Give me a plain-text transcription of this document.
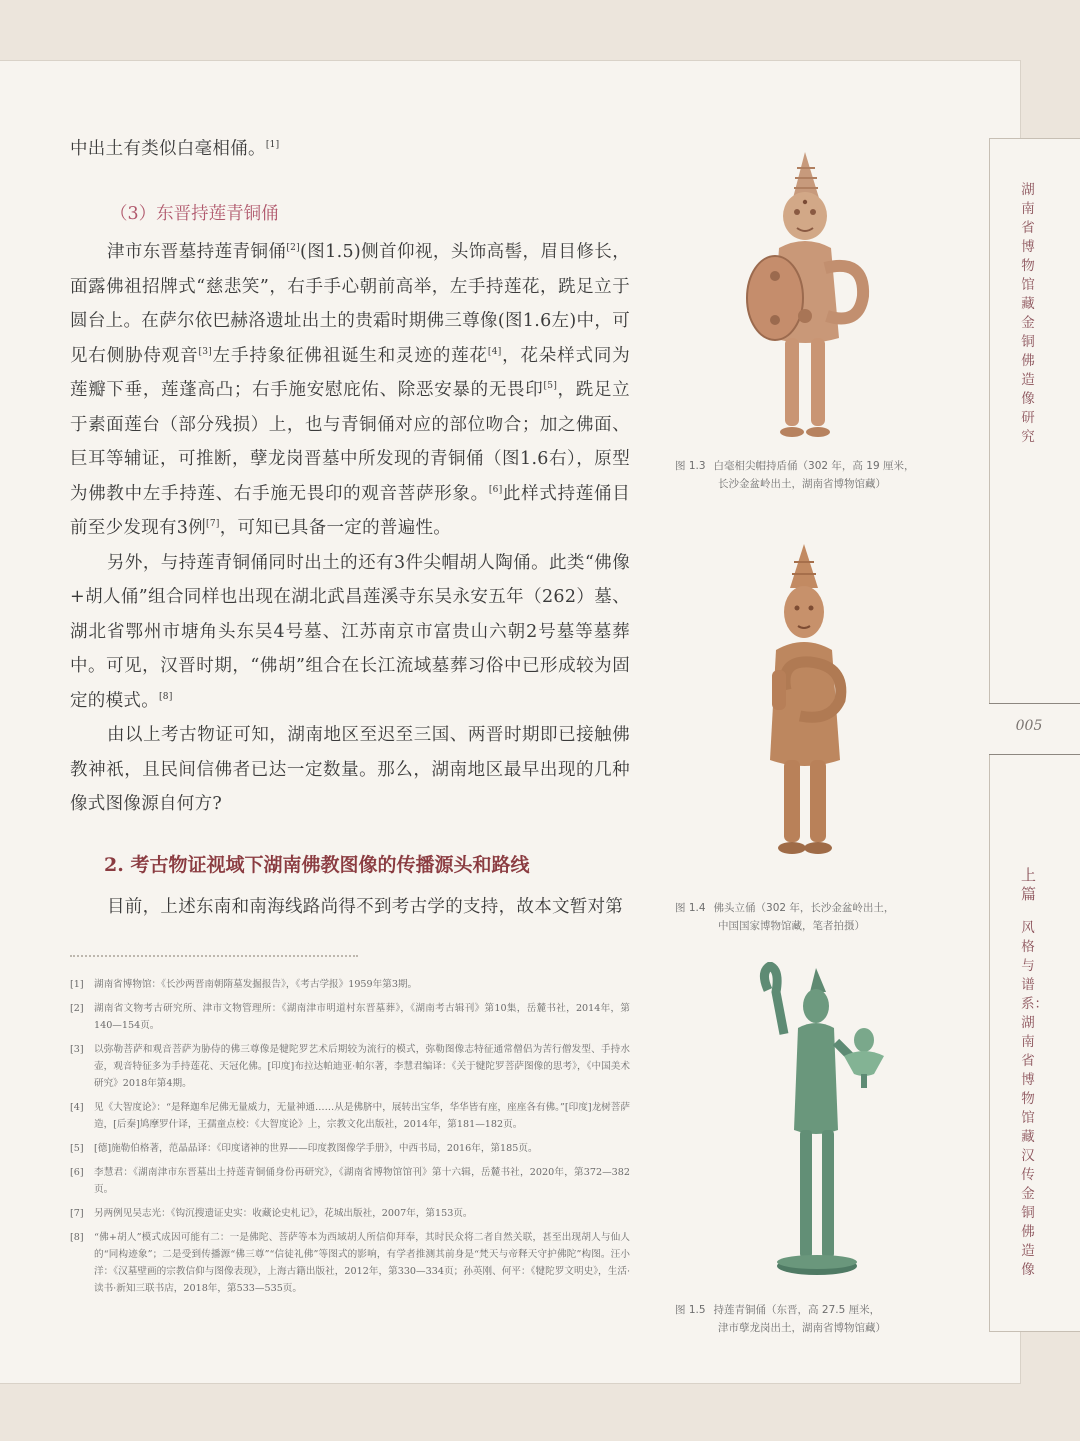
中出土有类似白毫相俑。[1]

（3）东晋持莲青铜俑

津市东晋墓持莲青铜俑[2](图1.5)侧首仰视，头饰高髻，眉目修长，面露佛祖招牌式“慈悲笑”，右手手心朝前高举，左手持莲花，跣足立于圆台上。在萨尔依巴赫洛遗址出土的贵霜时期佛三尊像(图1.6左)中，可见右侧胁侍观音[3]左手持象征佛祖诞生和灵迹的莲花[4]，花朵样式同为莲瓣下垂，莲蓬高凸；右手施安慰庇佑、除恶安暴的无畏印[5]，跣足立于素面莲台（部分残损）上，也与青铜俑对应的部位吻合；加之佛面、巨耳等辅证，可推断，孽龙岗晋墓中所发现的青铜俑（图1.6右），原型为佛教中左手持莲、右手施无畏印的观音菩萨形象。[6]此样式持莲俑目前至少发现有3例[7]，可知已具备一定的普遍性。

另外，与持莲青铜俑同时出土的还有3件尖帽胡人陶俑。此类“佛像+胡人俑”组合同样也出现在湖北武昌莲溪寺东吴永安五年（262）墓、湖北省鄂州市塘角头东吴4号墓、江苏南京市富贵山六朝2号墓等墓葬中。可见，汉晋时期，“佛胡”组合在长江流域墓葬习俗中已形成较为固定的模式。[8]

由以上考古物证可知，湖南地区至迟至三国、两晋时期即已接触佛教神祇，且民间信佛者已达一定数量。那么，湖南地区最早出现的几种像式图像源自何方?

2. 考古物证视域下湖南佛教图像的传播源头和路线

目前，上述东南和南海线路尚得不到考古学的支持，故本文暂对第

[1] 湖南省博物馆：《长沙两晋南朝隋墓发掘报告》，《考古学报》1959年第3期。
[2] 湖南省文物考古研究所、津市文物管理所：《湖南津市明道村东晋墓葬》，《湖南考古辑刊》第10集，岳麓书社，2014年，第140—154页。
[3] 以弥勒菩萨和观音菩萨为胁侍的佛三尊像是犍陀罗艺术后期较为流行的模式，弥勒图像志特征通常僧侣为苦行僧发型、手持水壶，观音特征多为手持莲花、天冠化佛。[印度]布拉达帕迪亚·帕尔著，李慧君编译：《关于犍陀罗菩萨图像的思考》，《中国美术研究》2018年第4期。
[4] 见《大智度论》：“是释迦牟尼佛无量威力，无量神通……从是佛脐中，展转出宝华，华华皆有座，座座各有佛。”[印度]龙树菩萨造，[后秦]鸠摩罗什译，王孺童点校：《大智度论》上，宗教文化出版社，2014年，第181—182页。
[5] [德]施勒伯格著，范晶晶译：《印度诸神的世界——印度教图像学手册》，中西书局，2016年，第185页。
[6] 李慧君：《湖南津市东晋墓出土持莲青铜俑身份再研究》，《湖南省博物馆馆刊》第十六辑，岳麓书社，2020年，第372—382页。
[7] 另两例见吴志光：《钩沉搜遗证史实：收藏论史札记》，花城出版社，2007年，第153页。
[8] “佛+胡人”模式成因可能有二：一是佛陀、菩萨等本为西域胡人所信仰拜奉，其时民众将二者自然关联，甚至出现胡人与仙人的“同构迹象”；二是受到传播源“佛三尊”“信徒礼佛”等图式的影响，有学者推测其前身是“梵天与帝释天守护佛陀”构图。汪小洋：《汉墓壁画的宗教信仰与图像表现》，上海古籍出版社，2012年，第330—334页；孙英刚、何平：《犍陀罗文明史》，生活·读书·新知三联书店，2018年，第533—535页。
图 1.3 白毫相尖帽持盾俑（302 年，高 19 厘米，
长沙金盆岭出土，湖南省博物馆藏）
图 1.4 佛头立俑（302 年，长沙金盆岭出土，
中国国家博物馆藏，笔者拍摄）
图 1.5 持莲青铜俑（东晋，高 27.5 厘米，
津市孽龙岗出土，湖南省博物馆藏）
湖南省博物馆藏金铜佛造像研究
上篇
风格与谱系：湖南省博物馆藏汉传金铜佛造像
005
